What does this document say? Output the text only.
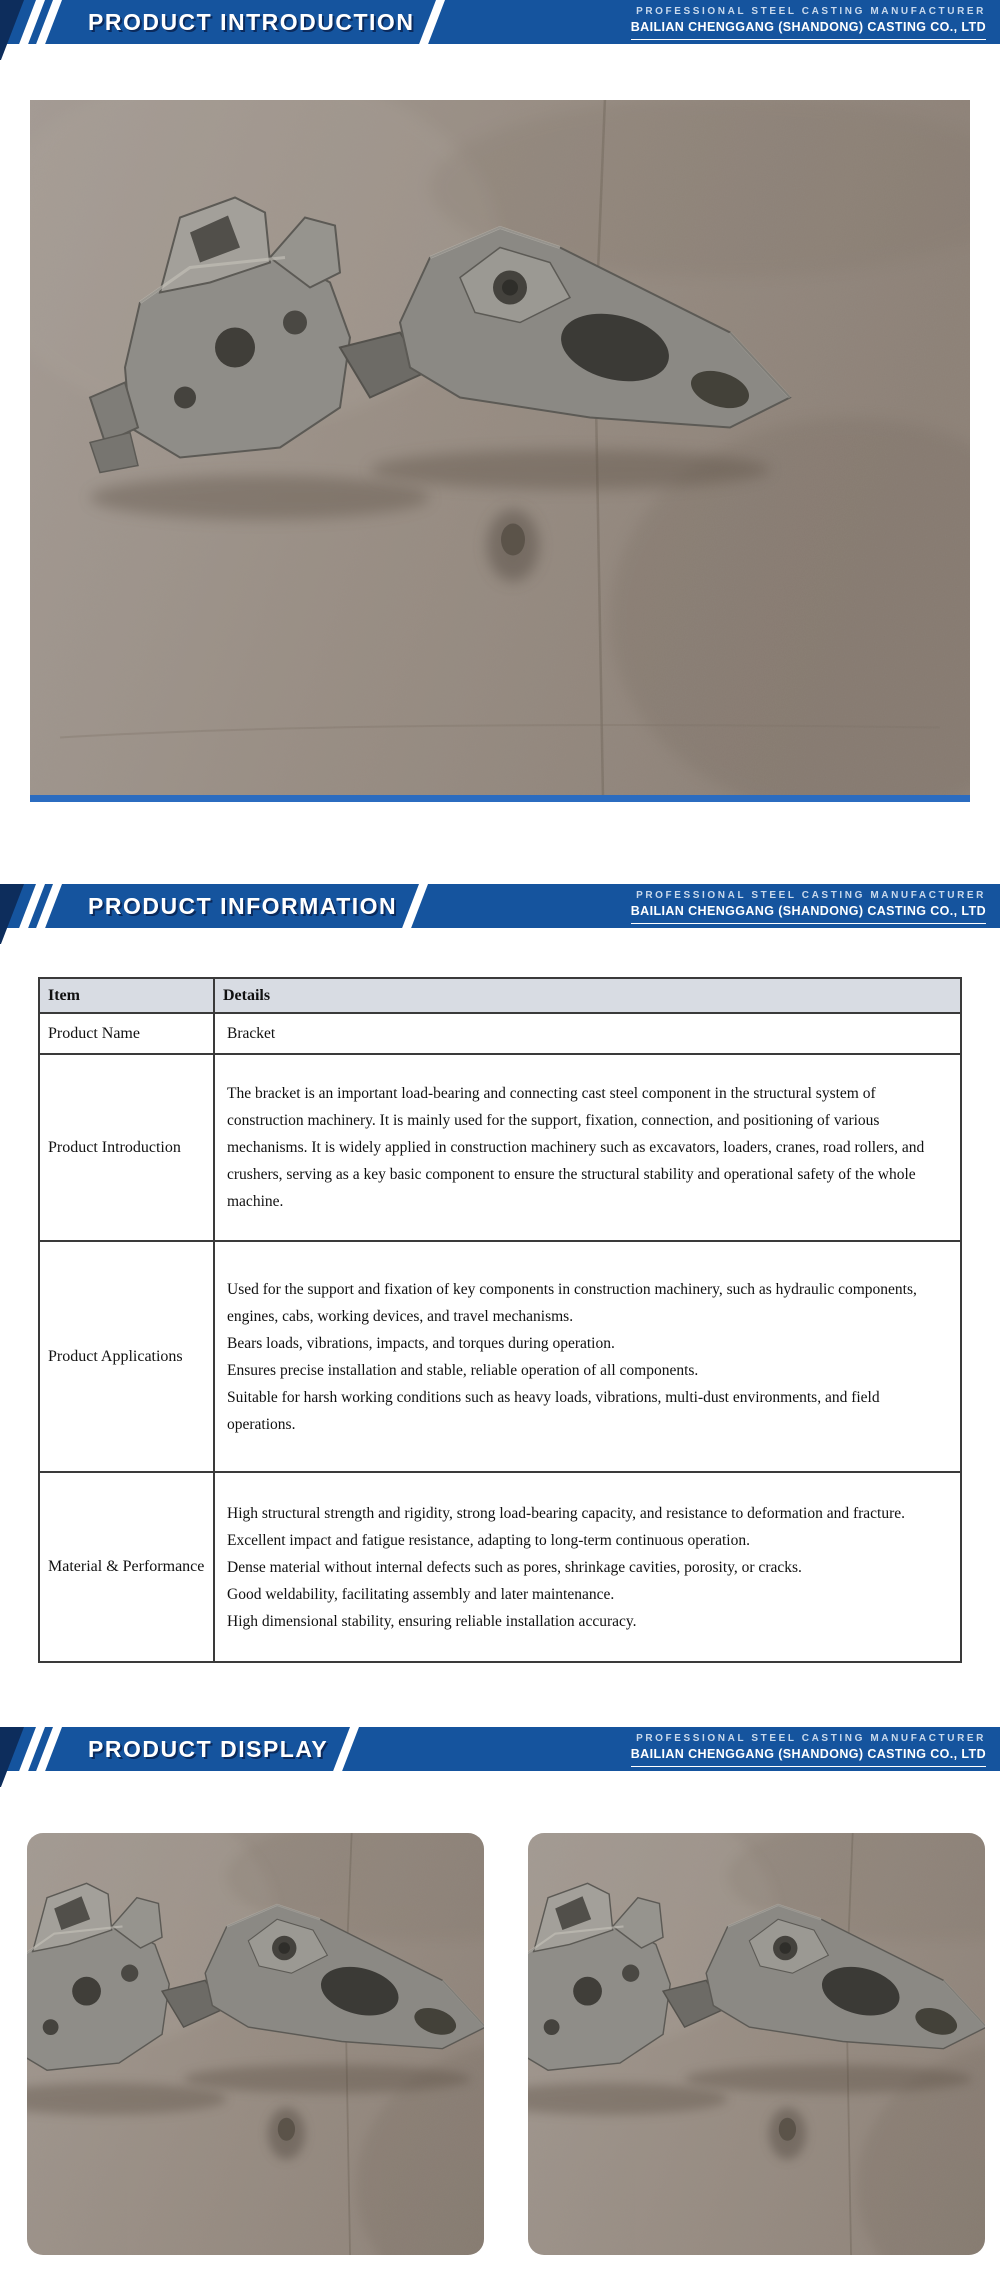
PRODUCT INTRODUCTION	PROFESSIONAL STEEL CASTING MANUFACTURER
BAILIAN CHENGGANG (SHANDONG) CASTING CO., LTD
PRODUCT INFORMATION	PROFESSIONAL STEEL CASTING MANUFACTURER
BAILIAN CHENGGANG (SHANDONG) CASTING CO., LTD
Item	Details
Product Name	Bracket

Product Introduction	The bracket is an important load-bearing and connecting cast steel component in the structural system of construction machinery. It is mainly used for the support, fixation, connection, and positioning of various mechanisms. It is widely applied in construction machinery such as excavators, loaders, cranes, road rollers, and crushers, serving as a key basic component to ensure the structural stability and operational safety of the whole machine.

Product Applications	Used for the support and fixation of key components in construction machinery, such as hydraulic components, engines, cabs, working devices, and travel mechanisms.

Bears loads, vibrations, impacts, and torques during operation.

Ensures precise installation and stable, reliable operation of all components.

Suitable for harsh working conditions such as heavy loads, vibrations, multi-dust environments, and field operations.

Material & Performance	High structural strength and rigidity, strong load-bearing capacity, and resistance to deformation and fracture.

Excellent impact and fatigue resistance, adapting to long-term continuous operation.

Dense material without internal defects such as pores, shrinkage cavities, porosity, or cracks.

Good weldability, facilitating assembly and later maintenance.

High dimensional stability, ensuring reliable installation accuracy.

PRODUCT DISPLAY	PROFESSIONAL STEEL CASTING MANUFACTURER
BAILIAN CHENGGANG (SHANDONG) CASTING CO., LTD
